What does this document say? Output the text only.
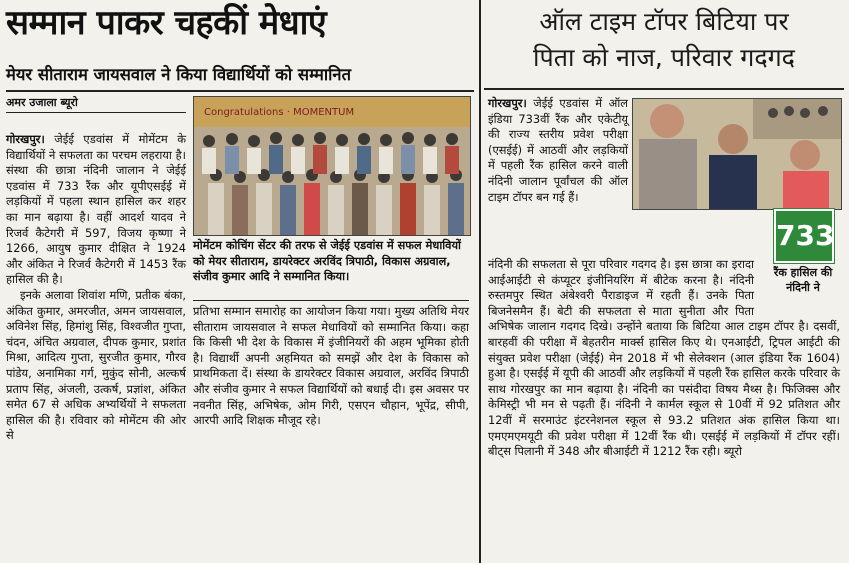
सम्मान पाकर चहकीं मेधाएं
मेयर सीताराम जायसवाल ने किया विद्यार्थियों को सम्मानित
अमर उजाला ब्यूरो

गोरखपुर। जेईई एडवांस में मोमेंटम के विद्यार्थियों ने सफलता का परचम लहराया है। संस्था की छात्रा नंदिनी जालान ने जेईई एडवांस में 733 रैंक और यूपीएसईई में लड़कियों में पहला स्थान हासिल कर शहर का मान बढ़ाया है। वहीं आदर्श यादव ने रिजर्व कैटेगरी में 597, विजय कृष्णा ने 1266, आयुष कुमार दीक्षित ने 1924 और अंकित ने रिजर्व कैटेगरी में 1453 रैंक हासिल की है।

इनके अलावा शिवांश मणि, प्रतीक बंका, अंकित कुमार, अमरजीत, अमन जायसवाल, अविनेश सिंह, हिमांशु सिंह, विश्वजीत गुप्ता, चंदन, अंचित अग्रवाल, दीपक कुमार, प्रशांत मिश्रा, आदित्य गुप्ता, सुरजीत कुमार, गौरव पांडेय, अनामिका गर्ग, मुकुंद सोनी, अल्कर्ष प्रताप सिंह, अंजली, उत्कर्ष, प्रज्ञांश, अंकित समेत 67 से अधिक अभ्यर्थियों ने सफलता हासिल की है। रविवार को मोमेंटम की ओर से

Congratulations · MOMENTUM
मोमेंटम कोचिंग सेंटर की तरफ से जेईई एडवांस में सफल मेधावियों को मेयर सीताराम, डायरेक्टर अरविंद त्रिपाठी, विकास अग्रवाल, संजीव कुमार आदि ने सम्मानित किया।

प्रतिभा सम्मान समारोह का आयोजन किया गया। मुख्य अतिथि मेयर सीताराम जायसवाल ने सफल मेधावियों को सम्मानित किया। कहा कि किसी भी देश के विकास में इंजीनियरों की अहम भूमिका होती है। विद्यार्थी अपनी अहमियत को समझें और देश के विकास को प्राथमिकता दें। संस्था के डायरेक्टर विकास अग्रवाल, अरविंद त्रिपाठी और संजीव कुमार ने सफल विद्यार्थियों को बधाई दी। इस अवसर पर नवनीत सिंह, अभिषेक, ओम गिरी, एसएन चौहान, भूपेंद्र, सीपी, आरपी आदि शिक्षक मौजूद रहे।

ऑल टाइम टॉपर बिटिया पर
पिता को नाज, परिवार गदगद

गोरखपुर। जेईई एडवांस में ऑल इंडिया 733वीं रैंक और एकेटीयू की राज्य स्तरीय प्रवेश परीक्षा (एसईई) में आठवीं और लड़कियों में पहली रैंक हासिल करने वाली नंदिनी जालान पूर्वांचल की ऑल टाइम टॉपर बन गई हैं।

नंदिनी की सफलता से पूरा परिवार गदगद है। इस छात्रा का इरादा आईआईटी से कंप्यूटर इंजीनियरिंग में बीटेक करना है। नंदिनी रुस्तमपुर स्थित अंबेश्वरी पैराडाइज में रहती हैं। उनके पिता बिजनेसमैन हैं। बेटी की सफलता से माता सुनीता और पिता अभिषेक जालान गदगद दिखे। उन्होंने बताया कि बिटिया आल टाइम टॉपर है। दसवीं, बारहवीं की परीक्षा में बेहतरीन मार्क्स हासिल किए थे। एनआईटी, ट्रिपल आईटी की संयुक्त प्रवेश परीक्षा (जेईई) मेन 2018 में भी सेलेक्शन (आल इंडिया रैंक 1604) हुआ है। एसईई में यूपी की आठवीं और लड़कियों में पहली रैंक हासिल करके परिवार के साथ गोरखपुर का मान बढ़ाया है। नंदिनी का पसंदीदा विषय मैथ्स है। फिजिक्स और केमिस्ट्री भी मन से पढ़ती हैं। नंदिनी ने कार्मल स्कूल से 10वीं में 92 प्रतिशत और 12वीं में सरमाउंट इंटरनेशनल स्कूल से 93.2 प्रतिशत अंक हासिल किया था। एमएमएमयूटी की प्रवेश परीक्षा में 12वीं रैंक थी। एसईई में लड़कियों में टॉपर रहीं। बीट्स पिलानी में 348 और बीआईटी में 1212 रैंक रही। ब्यूरो

733
रैंक हासिल की नंदिनी ने
